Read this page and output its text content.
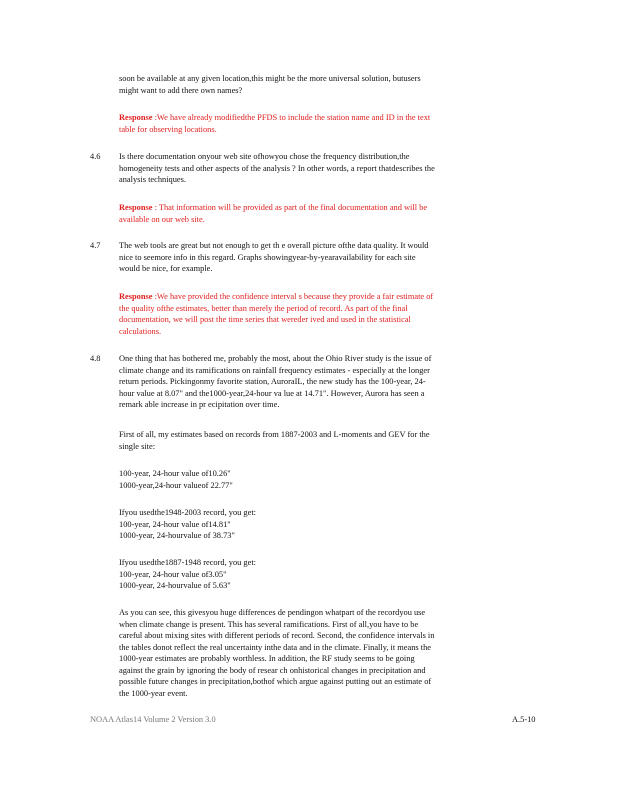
soon be available at any given location,this might be the more universal solution, butusers
might want to add there own names?

Response :We have already modifiedthe PFDS to include the station name and ID in the text
table for observing locations.

4.6 Is there documentation onyour web site ofhowyou chose the frequency distribution,the
homogeneity tests and other aspects of the analysis ? In other words, a report thatdescribes the
analysis techniques.

Response : That information will be provided as part of the final documentation and will be
available on our web site.

4.7 The web tools are great but not enough to get th e overall picture ofthe data quality. It would
nice to seemore info in this regard. Graphs showingyear-by-yearavailability for each site
would be nice, for example.

Response :We have provided the confidence interval s because they provide a fair estimate of
the quality ofthe estimates, better than merely the period of record. As part of the final
documentation, we will post the time series that wereder ived and used in the statistical
calculations.

4.8 One thing that has bothered me, probably the most, about the Ohio River study is the issue of
climate change and its ramifications on rainfall frequency estimates - especially at the longer
return periods. Pickingonmy favorite station, AuroraIL, the new study has the 100-year, 24-
hour value at 8.07" and the1000-year,24-hour va lue at 14.71". However, Aurora has seen a
remark able increase in pr ecipitation over time.

First of all, my estimates based on records from 1887-2003 and L-moments and GEV for the
single site:

100-year, 24-hour value of10.26"
1000-year,24-hour valueof 22.77"

Ifyou usedthe1948-2003 record, you get:
100-year, 24-hour value of14.81"
1000-year, 24-hourvalue of 38.73"

Ifyou usedthe1887-1948 record, you get:
100-year, 24-hour value of3.05"
1000-year, 24-hourvalue of 5.63"

As you can see, this givesyou huge differences de pendingon whatpart of the recordyou use
when climate change is present. This has several ramifications. First of all,you have to be
careful about mixing sites with different periods of record. Second, the confidence intervals in
the tables donot reflect the real uncertainty inthe data and in the climate. Finally, it means the
1000-year estimates are probably worthless. In addition, the RF study seems to be going
against the grain by ignoring the body of resear ch onhistorical changes in precipitation and
possible future changes in precipitation,bothof which argue against putting out an estimate of
the 1000-year event.

NOAA Atlas14 Volume 2 Version 3.0	A.5-10
